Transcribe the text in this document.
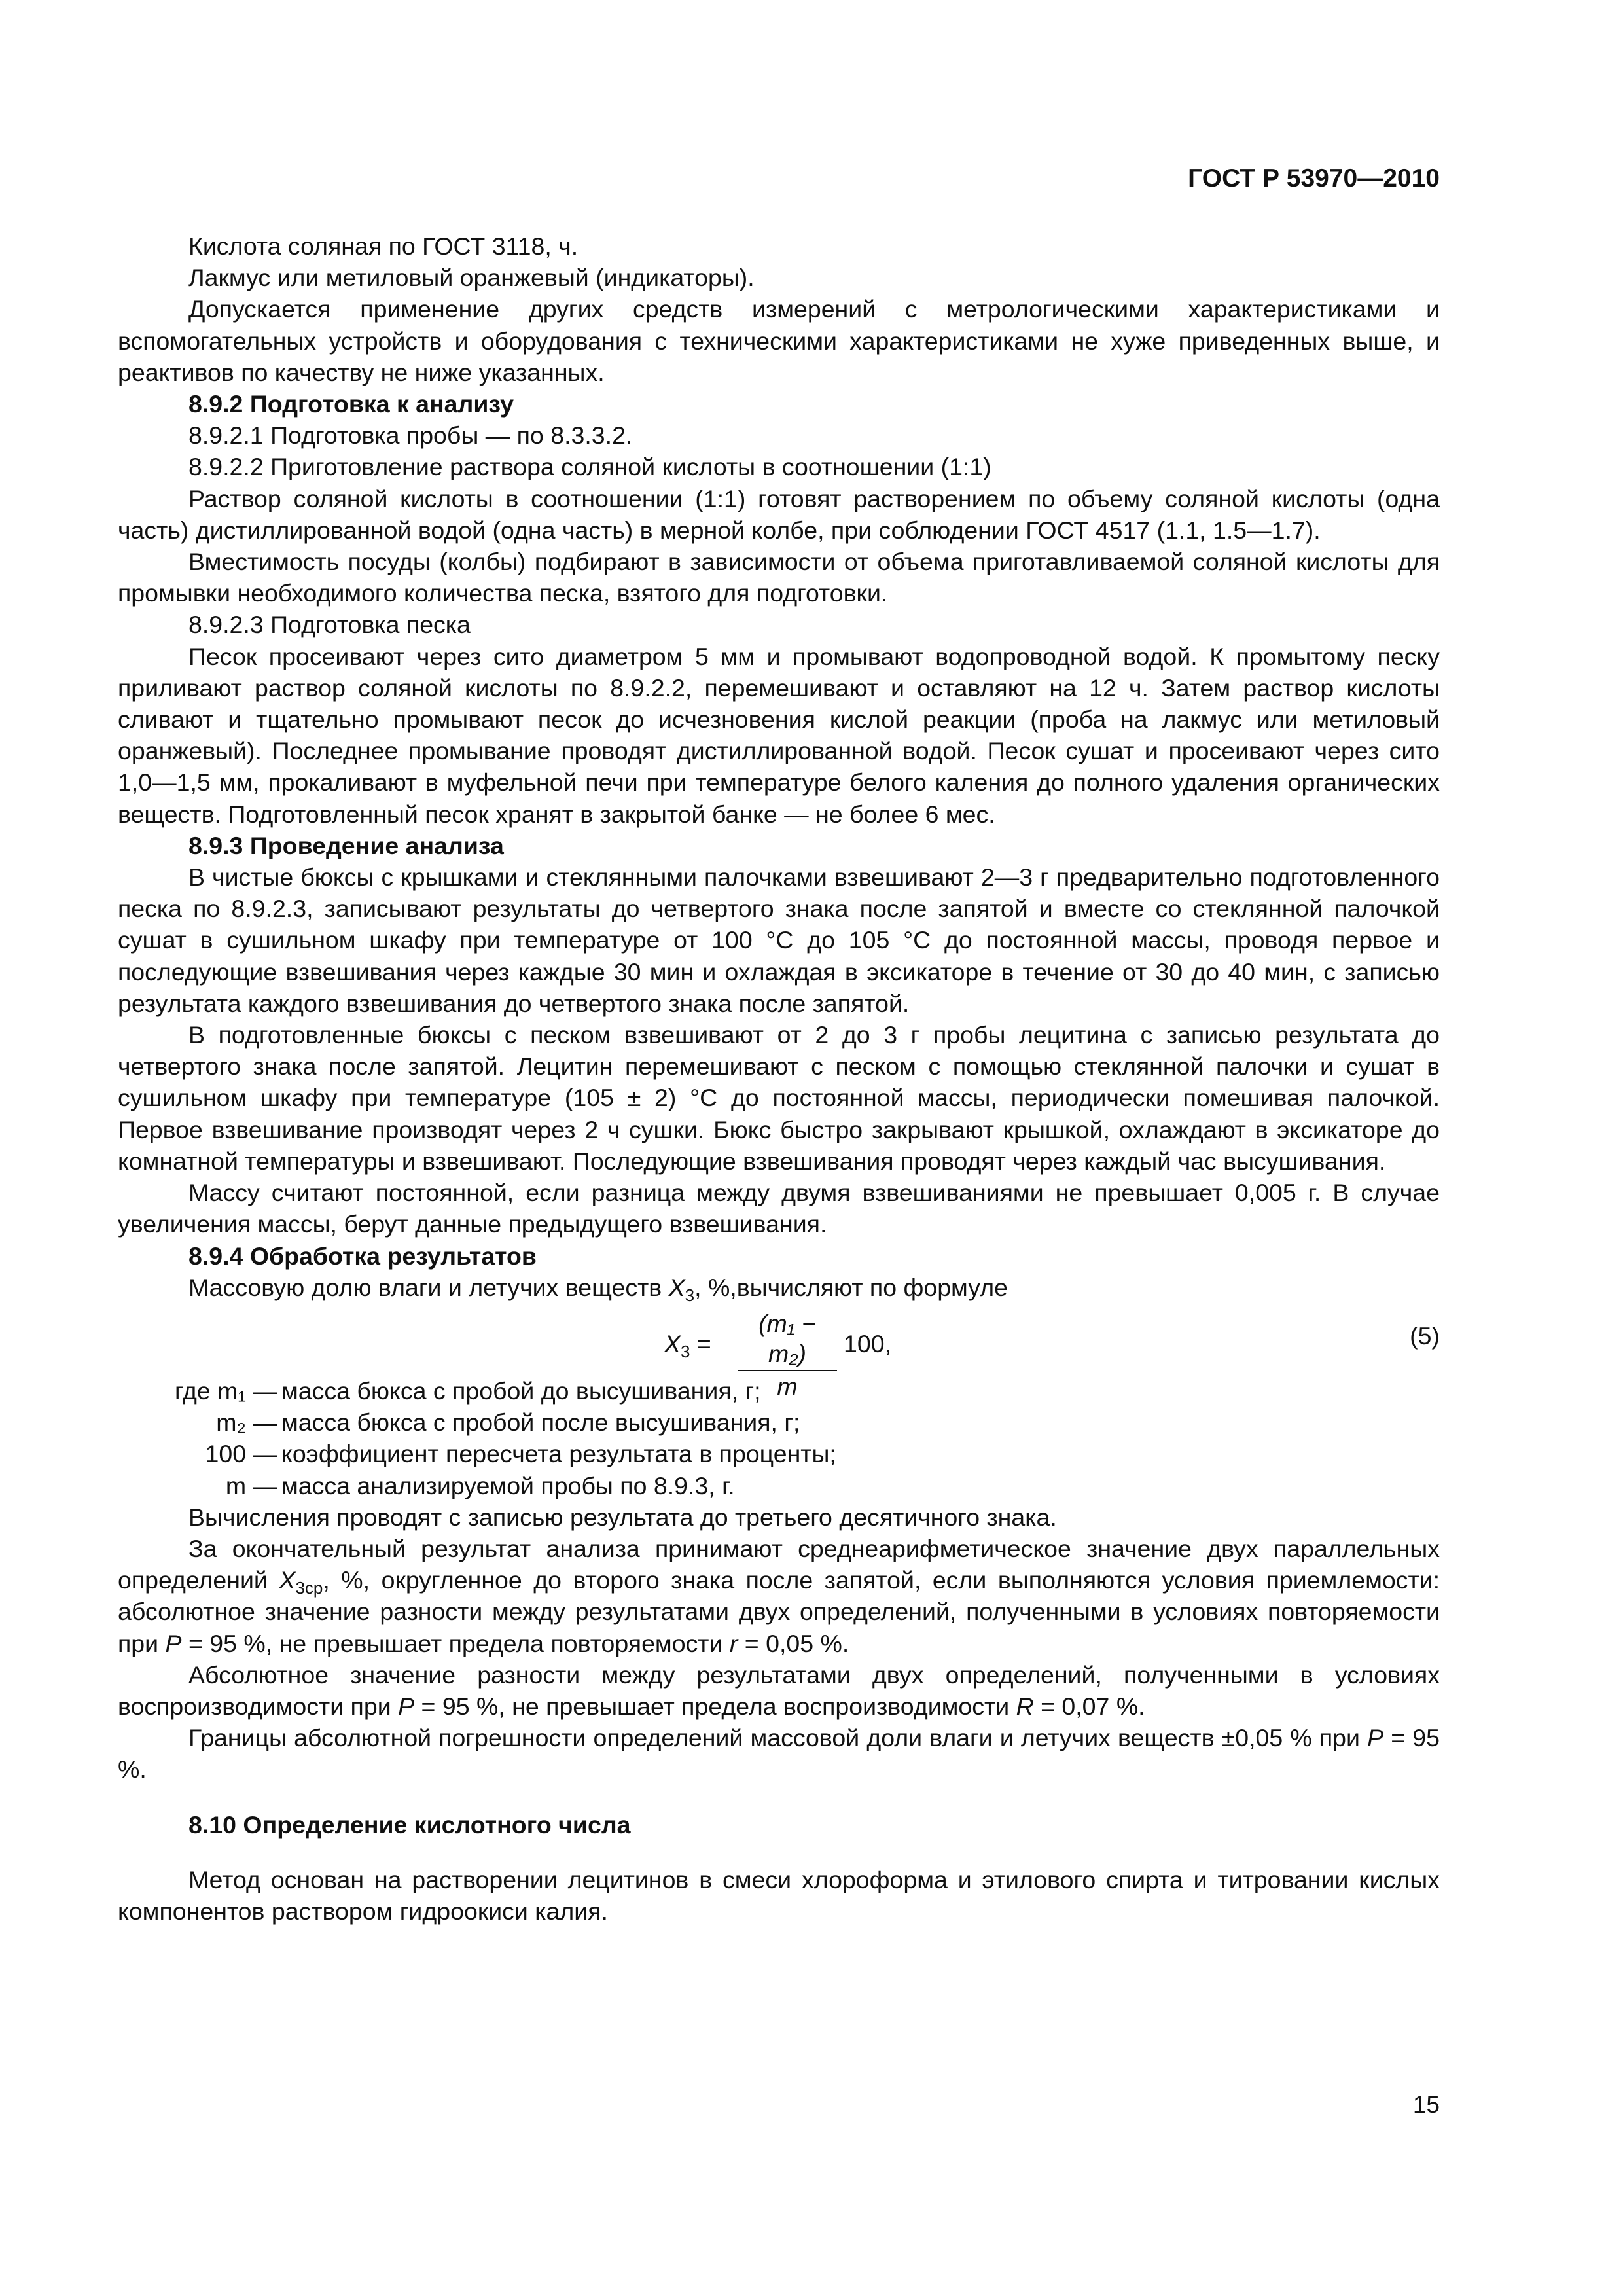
ГОСТ Р 53970—2010

Кислота соляная по ГОСТ 3118, ч.

Лакмус или метиловый оранжевый (индикаторы).

Допускается применение других средств измерений с метрологическими характеристиками и вспомогательных устройств и оборудования с техническими характеристиками не хуже приведенных выше, и реактивов по качеству не ниже указанных.

8.9.2 Подготовка к анализу

8.9.2.1 Подготовка пробы — по 8.3.3.2.

8.9.2.2 Приготовление раствора соляной кислоты в соотношении (1:1)

Раствор соляной кислоты в соотношении (1:1) готовят растворением по объему соляной кислоты (одна часть) дистиллированной водой (одна часть) в мерной колбе, при соблюдении ГОСТ 4517 (1.1, 1.5—1.7).

Вместимость посуды (колбы) подбирают в зависимости от объема приготавливаемой соляной кислоты для промывки необходимого количества песка, взятого для подготовки.

8.9.2.3 Подготовка песка

Песок просеивают через сито диаметром 5 мм и промывают водопроводной водой. К промытому песку приливают раствор соляной кислоты по 8.9.2.2, перемешивают и оставляют на 12 ч. Затем раствор кислоты сливают и тщательно промывают песок до исчезновения кислой реакции (проба на лакмус или метиловый оранжевый). Последнее промывание проводят дистиллированной водой. Песок сушат и просеивают через сито 1,0—1,5 мм, прокаливают в муфельной печи при температуре белого каления до полного удаления органических веществ. Подготовленный песок хранят в закрытой банке — не более 6 мес.

8.9.3 Проведение анализа

В чистые бюксы с крышками и стеклянными палочками взвешивают 2—3 г предварительно подготовленного песка по 8.9.2.3, записывают результаты до четвертого знака после запятой и вместе со стеклянной палочкой сушат в сушильном шкафу при температуре от 100 °С до 105 °С до постоянной массы, проводя первое и последующие взвешивания через каждые 30 мин и охлаждая в эксикаторе в течение от 30 до 40 мин, с записью результата каждого взвешивания до четвертого знака после запятой.

В подготовленные бюксы с песком взвешивают от 2 до 3 г пробы лецитина с записью результата до четвертого знака после запятой. Лецитин перемешивают с песком с помощью стеклянной палочки и сушат в сушильном шкафу при температуре (105 ± 2) °С до постоянной массы, периодически помешивая палочкой. Первое взвешивание производят через 2 ч сушки. Бюкс быстро закрывают крышкой, охлаждают в эксикаторе до комнатной температуры и взвешивают. Последующие взвешивания проводят через каждый час высушивания.

Массу считают постоянной, если разница между двумя взвешиваниями не превышает 0,005 г. В случае увеличения массы, берут данные предыдущего взвешивания.

8.9.4 Обработка результатов

Массовую долю влаги и летучих веществ $X_3$, %,вычисляют по формуле

$X_3 = \frac{\text{(m₁ − m₂)}}{m} 100$,	(5)
где m₁ — масса бюкса с пробой до высушивания, г;
m₂ — масса бюкса с пробой после высушивания, г;
100 — коэффициент пересчета результата в проценты;
m — масса анализируемой пробы по 8.9.3, г.

Вычисления проводят с записью результата до третьего десятичного знака.

За окончательный результат анализа принимают среднеарифметическое значение двух параллельных определений $X_{3ср}$, %, округленное до второго знака после запятой, если выполняются условия приемлемости: абсолютное значение разности между результатами двух определений, полученными в условиях повторяемости при P = 95 %, не превышает предела повторяемости r = 0,05 %.

Абсолютное значение разности между результатами двух определений, полученными в условиях воспроизводимости при P = 95 %, не превышает предела воспроизводимости R = 0,07 %.

Границы абсолютной погрешности определений массовой доли влаги и летучих веществ ±0,05 % при P = 95 %.

8.10 Определение кислотного числа

Метод основан на растворении лецитинов в смеси хлороформа и этилового спирта и титровании кислых компонентов раствором гидроокиси калия.

15
